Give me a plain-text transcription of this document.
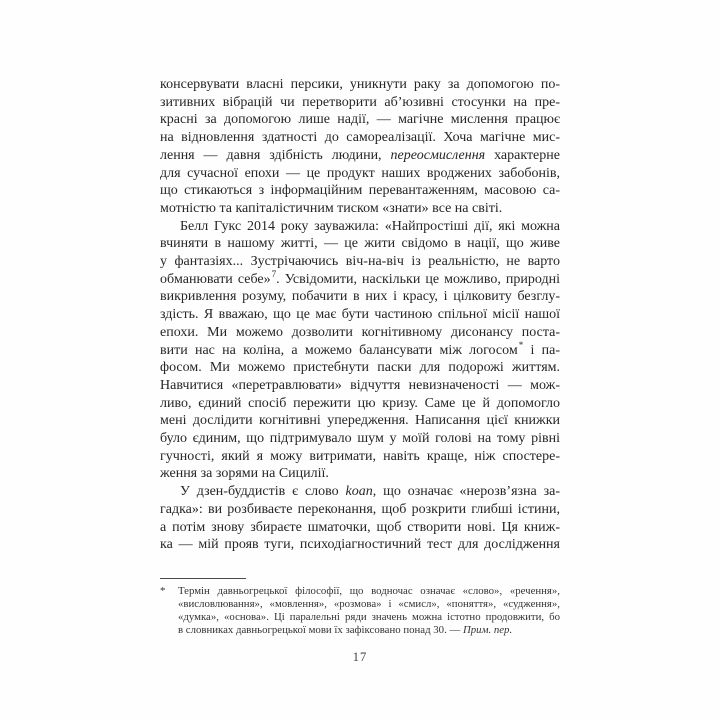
консервувати власні персики, уникнути раку за допомогою по-
зитивних вібрацій чи перетворити аб’юзивні стосунки на пре-
красні за допомогою лише надії, — магічне мислення працює
на відновлення здатності до самореалізації. Хоча магічне мис-
лення — давня здібність людини, переосмислення характерне
для сучасної епохи — це продукт наших вроджених забобонів,
що стикаються з інформаційним перевантаженням, масовою са-
мотністю та капіталістичним тиском «знати» все на світі.
Белл Гукс 2014 року зауважила: «Найпростіші дії, які можна
вчиняти в нашому житті, — це жити свідомо в нації, що живе
у фантазіях... Зустрічаючись віч-на-віч із реальністю, не варто
обманювати себе»$^7$. Усвідомити, наскільки це можливо, природні
викривлення розуму, побачити в них і красу, і цілковиту безглу-
здість. Я вважаю, що це має бути частиною спільної місії нашої
епохи. Ми можемо дозволити когнітивному дисонансу поста-
вити нас на коліна, а можемо балансувати між логосом* і па-
фосом. Ми можемо пристебнути паски для подорожі життям.
Навчитися «перетравлювати» відчуття невизначеності — мож-
ливо, єдиний спосіб пережити цю кризу. Саме це й допомогло
мені дослідити когнітивні упередження. Написання цієї книжки
було єдиним, що підтримувало шум у моїй голові на тому рівні
гучності, який я можу витримати, навіть краще, ніж спостере-
ження за зорями на Сицилії.
У дзен-буддистів є слово koan, що означає «нерозв’язна за-
гадка»: ви розбиваєте переконання, щоб розкрити глибші істини,
а потім знову збираєте шматочки, щоб створити нові. Ця книж-
ка — мій прояв туги, психодіагностичний тест для дослідження
*	Термін давньогрецької філософії, що водночас означає «слово», «речення»,
«висловлювання», «мовлення», «розмова» і «смисл», «поняття», «судження»,
«думка», «основа». Ці паралельні ряди значень можна істотно продовжити, бо
в словниках давньогрецької мови їх зафіксовано понад 30. — Прим. пер.
17
